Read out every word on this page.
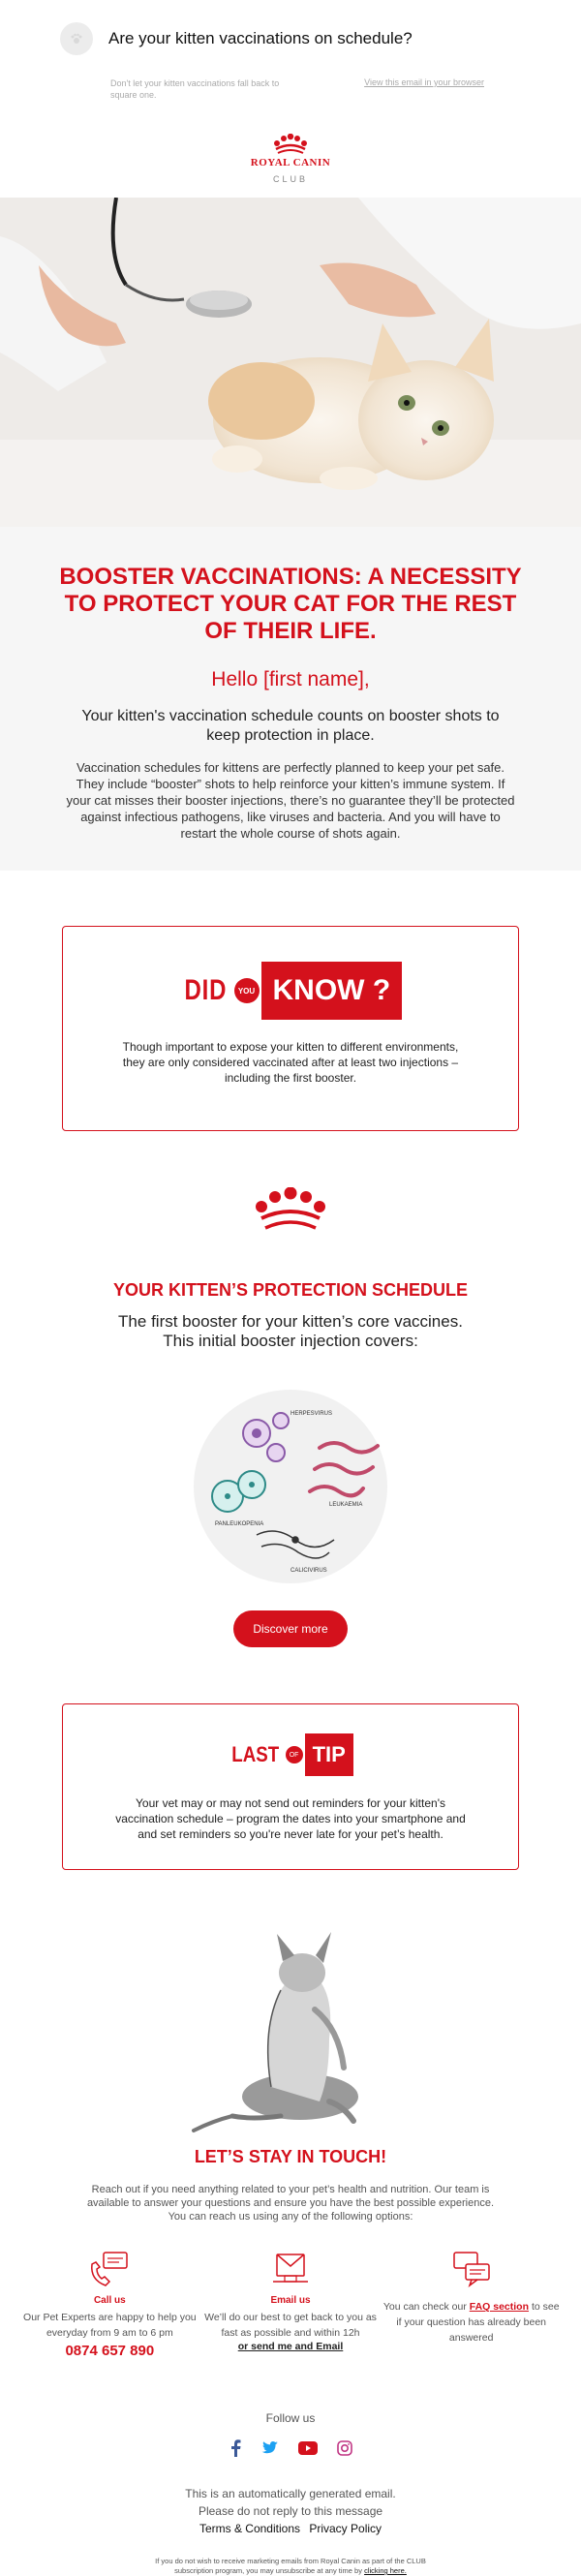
Are your kitten vaccinations on schedule?
Don't let your kitten vaccinations fall back to square one.
View this email in your browser
ROYAL CANIN
CLUB
BOOSTER VACCINATIONS: A NECESSITY TO PROTECT YOUR CAT FOR THE REST OF THEIR LIFE.
Hello [first name],
Your kitten's vaccination schedule counts on booster shots to keep protection in place.
Vaccination schedules for kittens are perfectly planned to keep your pet safe. They include “booster” shots to help reinforce your kitten’s immune system. If your cat misses their booster injections, there’s no guarantee they’ll be protected against infectious pathogens, like viruses and bacteria. And you will have to restart the whole course of shots again.
DID	YOU KNOW ?
Though important to expose your kitten to different environments, they are only considered vaccinated after at least two injections – including the first booster.
YOUR KITTEN’S PROTECTION SCHEDULE
The first booster for your kitten’s core vaccines. This initial booster injection covers:
HERPESVIRUS
LEUKAEMIA
PANLEUKOPENIA
CALICIVIRUS
Discover more
LAST	OF TIP
Your vet may or may not send out reminders for your kitten's vaccination schedule – program the dates into your smartphone and and set reminders so you're never late for your pet’s health.
LET’S STAY IN TOUCH!
Reach out if you need anything related to your pet’s health and nutrition. Our team is available to answer your questions and ensure you have the best possible experience. You can reach us using any of the following options:
Call us
Our Pet Experts are happy to help you everyday from 9 am to 6 pm
0874 657 890
Email us
We’ll do our best to get back to you as fast as possible and within 12h
or send me and Email
You can check our FAQ section to see if your question has already been answered
Follow us
This is an automatically generated email.
Please do not reply to this message
Terms & Conditions Privacy Policy
If you do not wish to receive marketing emails from Royal Canin as part of the CLUB subscription program, you may unsubscribe at any time by clicking here.
